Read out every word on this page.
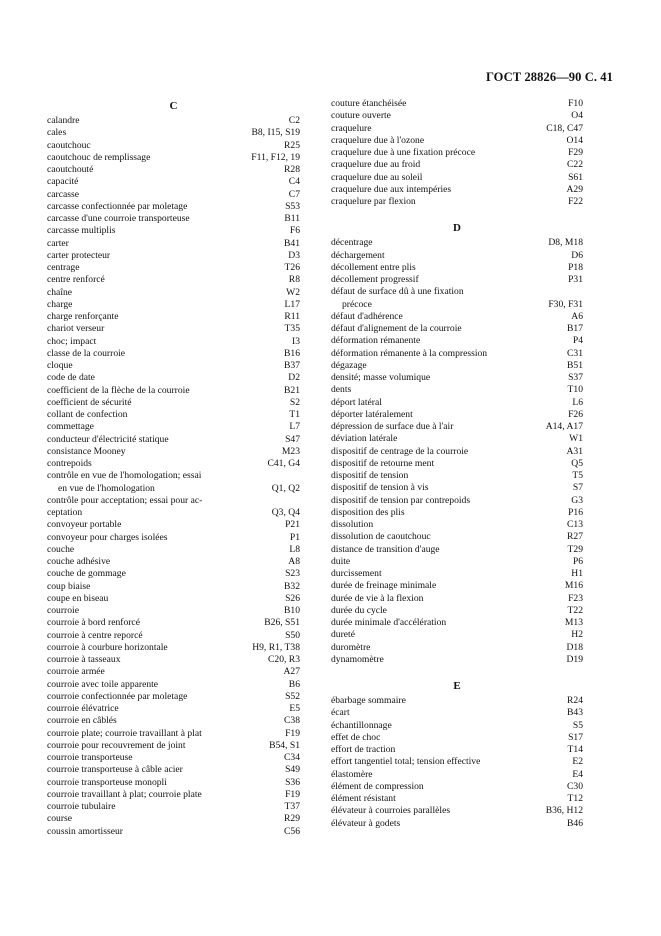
ГОСТ 28826—90 С. 41
C
calandre	C2
cales	B8, I15, S19
caoutchouc	R25
caoutchouc de remplissage	F11, F12, 19
caoutchouté	R28
capacité	C4
carcasse	C7
carcasse confectionnée par moletage	S53
carcasse d'une courroie transporteuse	B11
carcasse multiplis	F6
carter	B41
carter protecteur	D3
centrage	T26
centre renforcé	R8
chaîne	W2
charge	L17
charge renforçante	R11
chariot verseur	T35
choc; impact	I3
classe de la courroie	B16
cloque	B37
code de date	D2
coefficient de la flèche de la courroie	B21
coefficient de sécurité	S2
collant de confection	T1
commettage	L7
conducteur d'électricité statique	S47
consistance Mooney	M23
contrepoids	C41, G4
contrôle en vue de l'homologation; essai
en vue de l'homologation	Q1, Q2
contrôle pour acceptation; essai pour ac-
ceptation	Q3, Q4
convoyeur portable	P21
convoyeur pour charges isolées	P1
couche	L8
couche adhésive	A8
couche de gommage	S23
coup biaise	B32
coupe en biseau	S26
courroie	B10
courroie à bord renforcé	B26, S51
courroie à centre reporcé	S50
courroie à courbure horizontale	H9, R1, T38
courroie à tasseaux	C20, R3
courroie armée	A27
courroie avec toile apparente	B6
courroie confectionnée par moletage	S52
courroie élévatrice	E5
courroie en câblés	C38
courroie plate; courroie travaillant à plat	F19
courroie pour recouvrement de joint	B54, S1
courroie transporteuse	C34
courroie transporteuse à câble acier	S49
courroie transporteuse monopli	S36
courroie travaillant à plat; courroie plate	F19
courroie tubulaire	T37
course	R29
coussin amortisseur	C56
couture étanchéisée	F10
couture ouverte	O4
craquelure	C18, C47
craquelure due à l'ozone	O14
craquelure due à une fixation précoce	F29
craquelure due au froid	C22
craquelure due au soleil	S61
craquelure due aux intempéries	A29
craquelure par flexion	F22
D
décentrage	D8, M18
déchargement	D6
décollement entre plis	P18
décollement progressif	P31
défaut de surface dû à une fixation
précoce	F30, F31
défaut d'adhérence	A6
défaut d'alignement de la courroie	B17
déformation rémanente	P4
déformation rémanente à la compression	C31
dégazage	B51
densité; masse volumique	S37
dents	T10
déport latéral	L6
déporter latéralement	F26
dépression de surface due à l'air	A14, A17
déviation latérale	W1
dispositif de centrage de la courroie	A31
dispositif de retourne ment	Q5
dispositif de tension	T5
dispositif de tension à vis	S7
dispositif de tension par contrepoids	G3
disposition des plis	P16
dissolution	C13
dissolution de caoutchouc	R27
distance de transition d'auge	T29
duite	P6
durcissement	H1
durée de freinage minimale	M16
durée de vie à la flexion	F23
durée du cycle	T22
durée minimale d'accélération	M13
dureté	H2
duromètre	D18
dynamomètre	D19
E
ébarbage sommaire	R24
écart	B43
échantillonnage	S5
effet de choc	S17
effort de traction	T14
effort tangentiel total; tension effective	E2
élastomère	E4
élément de compression	C30
élément résistant	T12
élévateur à courroies parallèles	B36, H12
élévateur à godets	B46
